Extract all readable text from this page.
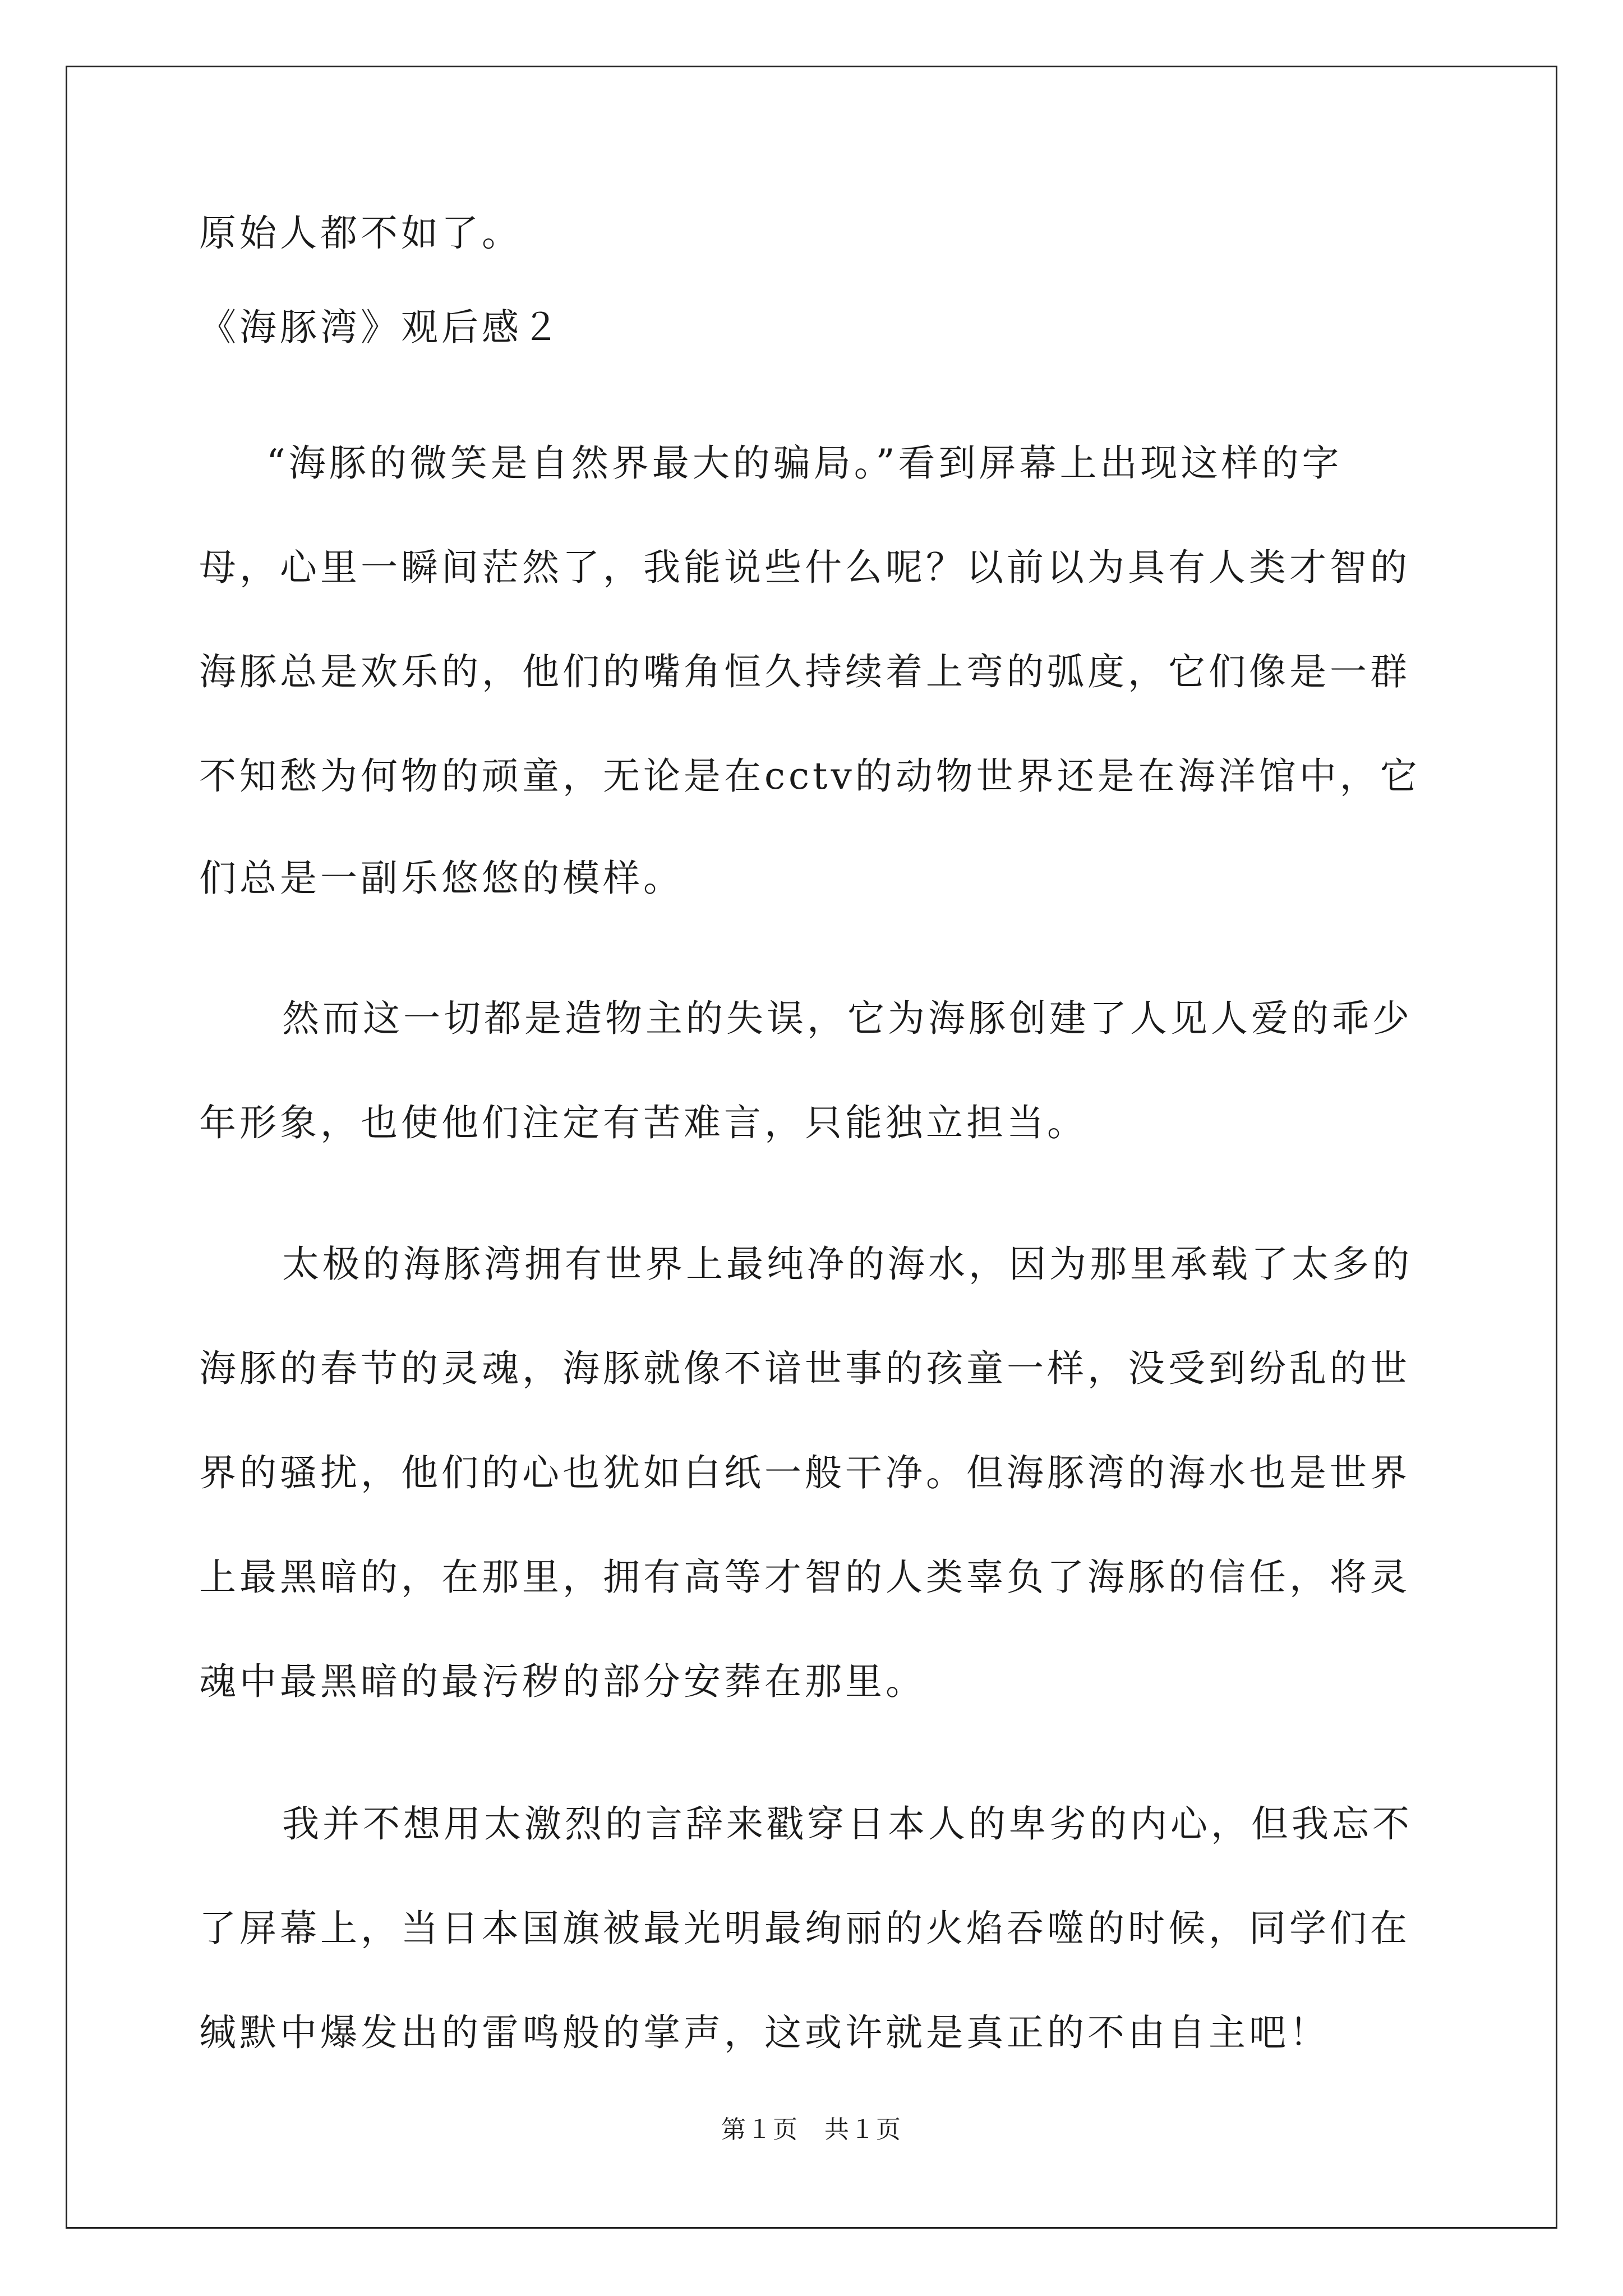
原始人都不如了。
《海豚湾》观后感２
“海豚的微笑是自然界最大的骗局。”看到屏幕上出现这样的字
母，心里一瞬间茫然了，我能说些什么呢？以前以为具有人类才智的
海豚总是欢乐的，他们的嘴角恒久持续着上弯的弧度，它们像是一群
不知愁为何物的顽童，无论是在cctv的动物世界还是在海洋馆中，它
们总是一副乐悠悠的模样。
然而这一切都是造物主的失误，它为海豚创建了人见人爱的乖少
年形象，也使他们注定有苦难言，只能独立担当。
太极的海豚湾拥有世界上最纯净的海水，因为那里承载了太多的
海豚的春节的灵魂，海豚就像不谙世事的孩童一样，没受到纷乱的世
界的骚扰，他们的心也犹如白纸一般干净。但海豚湾的海水也是世界
上最黑暗的，在那里，拥有高等才智的人类辜负了海豚的信任，将灵
魂中最黑暗的最污秽的部分安葬在那里。
我并不想用太激烈的言辞来戳穿日本人的卑劣的内心，但我忘不
了屏幕上，当日本国旗被最光明最绚丽的火焰吞噬的时候，同学们在
缄默中爆发出的雷鸣般的掌声，这或许就是真正的不由自主吧！
第１页　共１页
